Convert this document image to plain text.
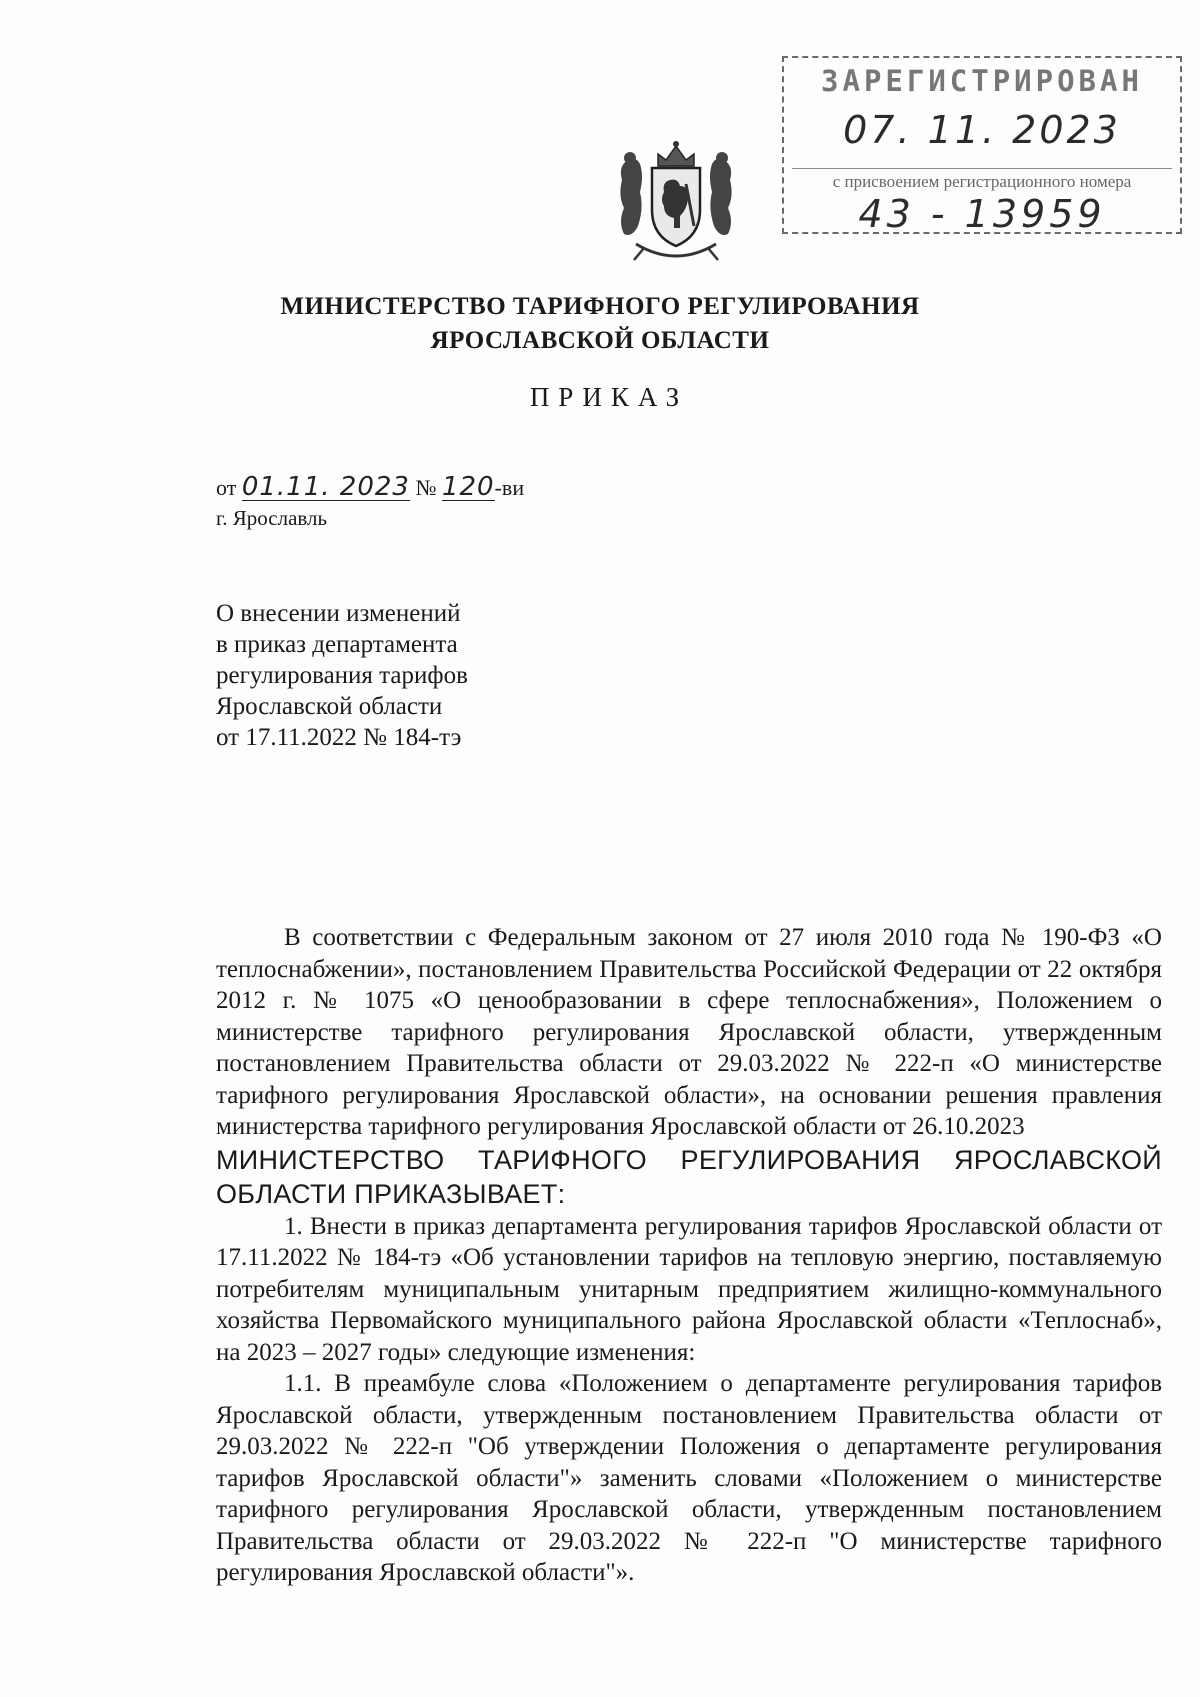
ЗАРЕГИСТРИРОВАН
07. 11. 2023
с присвоением регистрационного номера
43 - 13959
МИНИСТЕРСТВО ТАРИФНОГО РЕГУЛИРОВАНИЯ
ЯРОСЛАВСКОЙ ОБЛАСТИ
ПРИКАЗ
от 01.11. 2023 № 120-ви
г. Ярославль
О внесении изменений
в приказ департамента
регулирования тарифов
Ярославской области
от 17.11.2022 № 184-тэ

В соответствии с Федеральным законом от 27 июля 2010 года № 190-ФЗ «О теплоснабжении», постановлением Правительства Российской Федерации от 22 октября 2012 г. № 1075 «О ценообразовании в сфере теплоснабжения», Положением о министерстве тарифного регулирования Ярославской области, утвержденным постановлением Правительства области от 29.03.2022 № 222-п «О министерстве тарифного регулирования Ярославской области», на основании решения правления министерства тарифного регулирования Ярославской области от 26.10.2023

МИНИСТЕРСТВО ТАРИФНОГО РЕГУЛИРОВАНИЯ ЯРОСЛАВСКОЙ ОБЛАСТИ ПРИКАЗЫВАЕТ:

1. Внести в приказ департамента регулирования тарифов Ярославской области от 17.11.2022 № 184-тэ «Об установлении тарифов на тепловую энергию, поставляемую потребителям муниципальным унитарным предприятием жилищно-коммунального хозяйства Первомайского муниципального района Ярославской области «Теплоснаб», на 2023 – 2027 годы» следующие изменения:

1.1. В преамбуле слова «Положением о департаменте регулирования тарифов Ярославской области, утвержденным постановлением Правительства области от 29.03.2022 № 222-п "Об утверждении Положения о департаменте регулирования тарифов Ярославской области"» заменить словами «Положением о министерстве тарифного регулирования Ярославской области, утвержденным постановлением Правительства области от 29.03.2022 № 222-п "О министерстве тарифного регулирования Ярославской области"».
